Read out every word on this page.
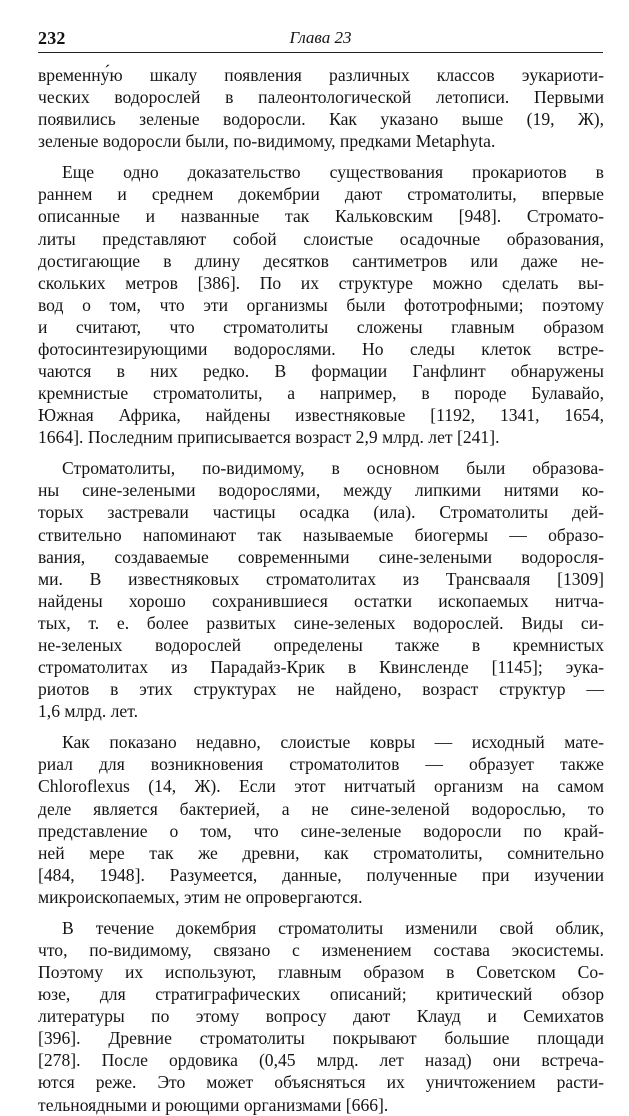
232	Глава 23
временну́ю шкалу появления различных классов эукариоти-
ческих водорослей в палеонтологической летописи. Первыми
появились зеленые водоросли. Как указано выше (19, Ж),
зеленые водоросли были, по-видимому, предками Metaphyta.
Еще одно доказательство существования прокариотов в
раннем и среднем докембрии дают строматолиты, впервые
описанные и названные так Кальковским [948]. Стромато-
литы представляют собой слоистые осадочные образования,
достигающие в длину десятков сантиметров или даже не-
скольких метров [386]. По их структуре можно сделать вы-
вод о том, что эти организмы были фототрофными; поэтому
и считают, что строматолиты сложены главным образом
фотосинтезирующими водорослями. Но следы клеток встре-
чаются в них редко. В формации Ганфлинт обнаружены
кремнистые строматолиты, а например, в породе Булавайо,
Южная Африка, найдены известняковые [1192, 1341, 1654,
1664]. Последним приписывается возраст 2,9 млрд. лет [241].
Строматолиты, по-видимому, в основном были образова-
ны сине-зелеными водорослями, между липкими нитями ко-
торых застревали частицы осадка (ила). Строматолиты дей-
ствительно напоминают так называемые биогермы — образо-
вания, создаваемые современными сине-зелеными водоросля-
ми. В известняковых строматолитах из Трансвааля [1309]
найдены хорошо сохранившиеся остатки ископаемых нитча-
тых, т. е. более развитых сине-зеленых водорослей. Виды си-
не-зеленых водорослей определены также в кремнистых
строматолитах из Парадайз-Крик в Квинсленде [1145]; эука-
риотов в этих структурах не найдено, возраст структур —
1,6 млрд. лет.
Как показано недавно, слоистые ковры — исходный мате-
риал для возникновения строматолитов — образует также
Chloroflexus (14, Ж). Если этот нитчатый организм на самом
деле является бактерией, а не сине-зеленой водорослью, то
представление о том, что сине-зеленые водоросли по край-
ней мере так же древни, как строматолиты, сомнительно
[484, 1948]. Разумеется, данные, полученные при изучении
микроископаемых, этим не опровергаются.
В течение докембрия строматолиты изменили свой облик,
что, по-видимому, связано с изменением состава экосистемы.
Поэтому их используют, главным образом в Советском Со-
юзе, для стратиграфических описаний; критический обзор
литературы по этому вопросу дают Клауд и Семихатов
[396]. Древние строматолиты покрывают большие площади
[278]. После ордовика (0,45 млрд. лет назад) они встреча-
ются реже. Это может объясняться их уничтожением расти-
тельноядными и роющими организмами [666].
